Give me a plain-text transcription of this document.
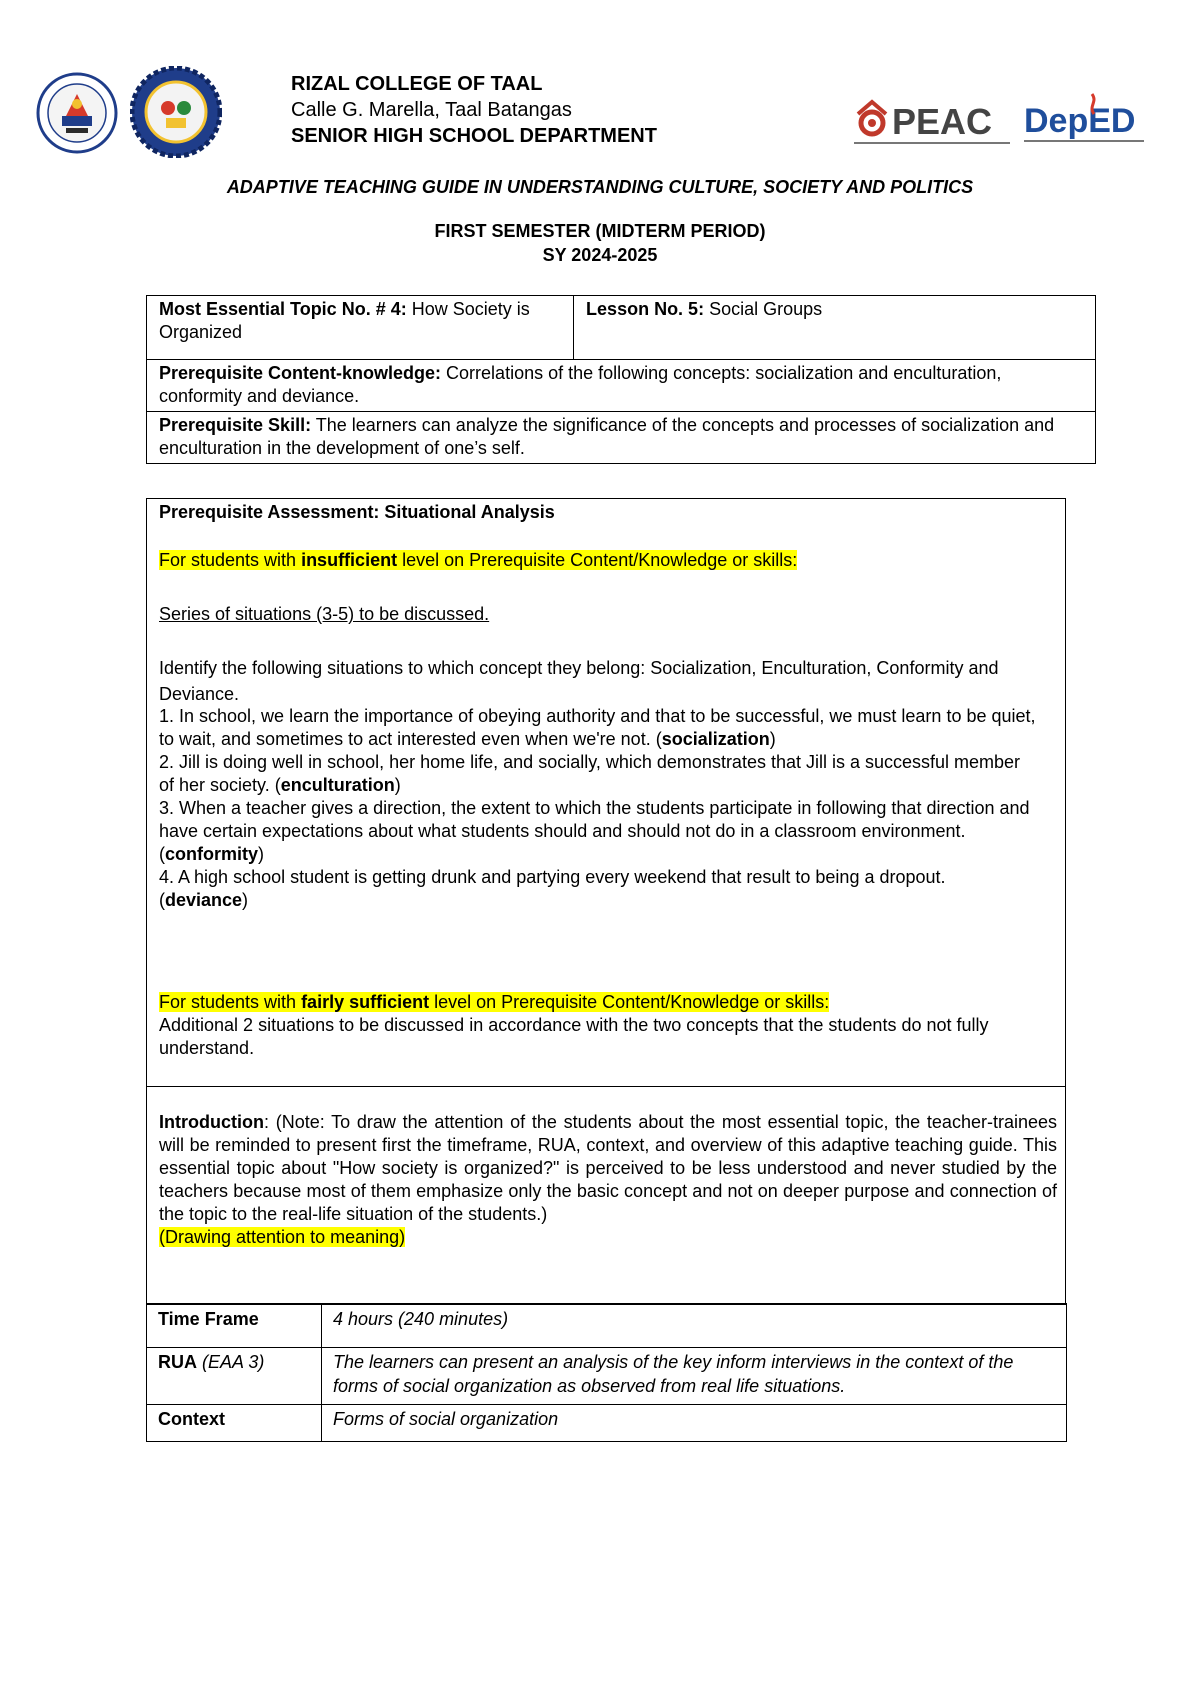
PEAC DepED
RIZAL COLLEGE OF TAAL
Calle G. Marella, Taal Batangas
SENIOR HIGH SCHOOL DEPARTMENT
ADAPTIVE TEACHING GUIDE IN UNDERSTANDING CULTURE, SOCIETY AND POLITICS
FIRST SEMESTER (MIDTERM PERIOD)
SY 2024-2025
Most Essential Topic No. # 4: How Society is Organized	Lesson No. 5: Social Groups
Prerequisite Content-knowledge: Correlations of the following concepts: socialization and enculturation, conformity and deviance.
Prerequisite Skill: The learners can analyze the significance of the concepts and processes of socialization and enculturation in the development of one’s self.
Prerequisite Assessment: Situational Analysis
For students with insufficient level on Prerequisite Content/Knowledge or skills:
Series of situations (3-5) to be discussed.
Identify the following situations to which concept they belong: Socialization, Enculturation, Conformity and Deviance.
1. In school, we learn the importance of obeying authority and that to be successful, we must learn to be quiet, to wait, and sometimes to act interested even when we're not. (socialization)
2. Jill is doing well in school, her home life, and socially, which demonstrates that Jill is a successful member of her society. (enculturation)
3. When a teacher gives a direction, the extent to which the students participate in following that direction and have certain expectations about what students should and should not do in a classroom environment. (conformity)
4. A high school student is getting drunk and partying every weekend that result to being a dropout. (deviance)
For students with fairly sufficient level on Prerequisite Content/Knowledge or skills:
Additional 2 situations to be discussed in accordance with the two concepts that the students do not fully understand.
Introduction: (Note: To draw the attention of the students about the most essential topic, the teacher-trainees will be reminded to present first the timeframe, RUA, context, and overview of this adaptive teaching guide. This essential topic about "How society is organized?" is perceived to be less understood and never studied by the teachers because most of them emphasize only the basic concept and not on deeper purpose and connection of the topic to the real-life situation of the students.)
(Drawing attention to meaning)
Time Frame	4 hours (240 minutes)
RUA (EAA 3)	The learners can present an analysis of the key inform interviews in the context of the forms of social organization as observed from real life situations.
Context	Forms of social organization
